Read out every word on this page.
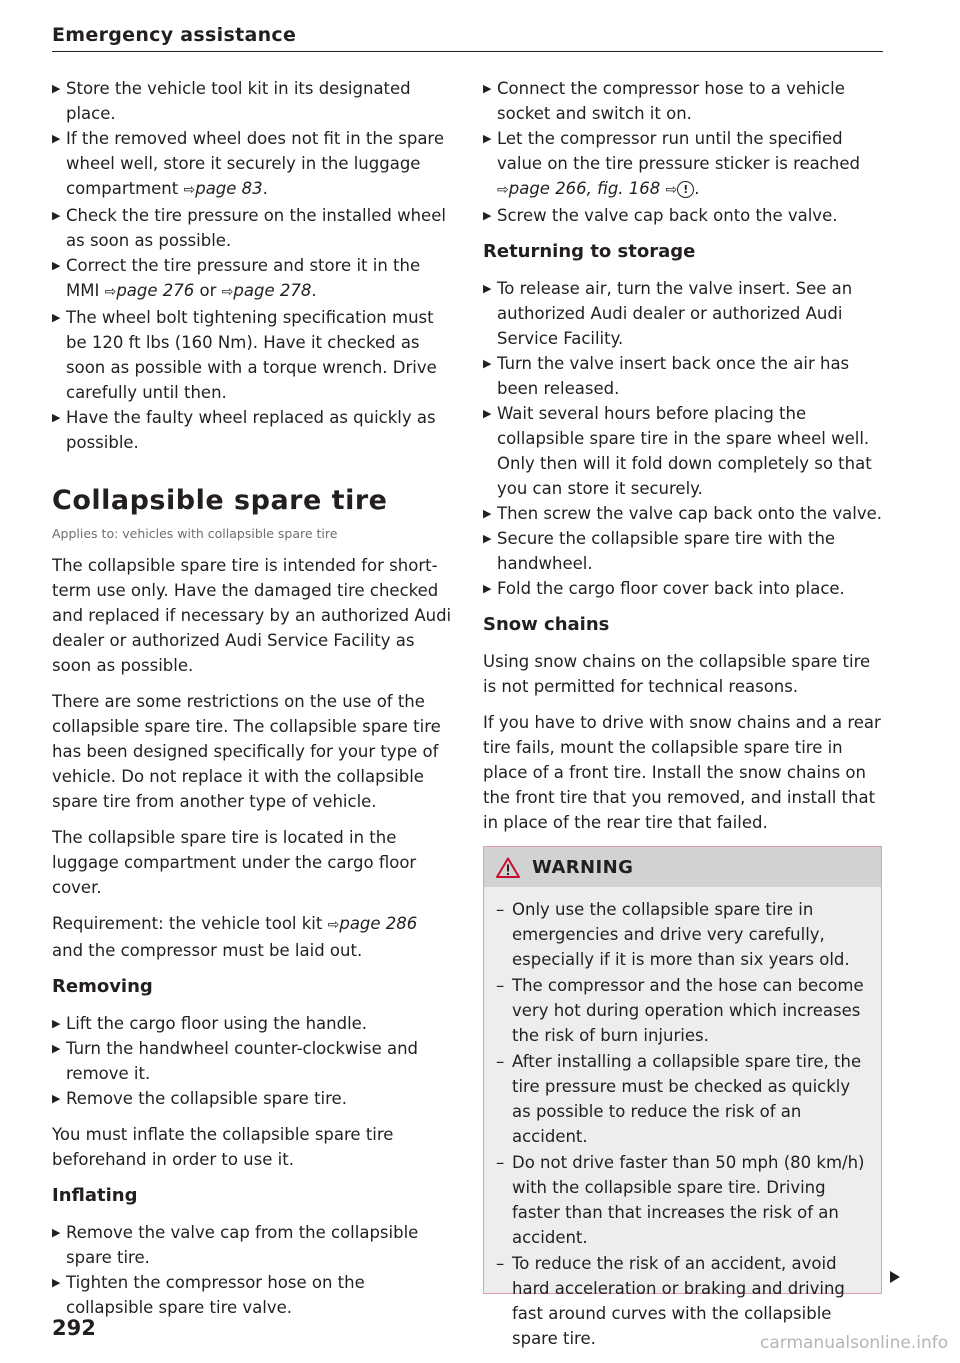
Emergency assistance

▶ Store the vehicle tool kit in its designated place.

▶ If the removed wheel does not fit in the spare wheel well, store it securely in the luggage compartment ⇨page 83.

▶ Check the tire pressure on the installed wheel as soon as possible.

▶ Correct the tire pressure and store it in the MMI ⇨page 276 or ⇨page 278.

▶ The wheel bolt tightening specification must be 120 ft lbs (160 Nm). Have it checked as soon as possible with a torque wrench. Drive carefully until then.

▶ Have the faulty wheel replaced as quickly as possible.

Collapsible spare tire
Applies to: vehicles with collapsible spare tire

The collapsible spare tire is intended for short-term use only. Have the damaged tire checked and replaced if necessary by an authorized Audi dealer or authorized Audi Service Facility as soon as possible.

There are some restrictions on the use of the collapsible spare tire. The collapsible spare tire has been designed specifically for your type of vehicle. Do not replace it with the collapsible spare tire from another type of vehicle.

The collapsible spare tire is located in the luggage compartment under the cargo floor cover.

Requirement: the vehicle tool kit ⇨page 286 and the compressor must be laid out.

Removing

▶ Lift the cargo floor using the handle.

▶ Turn the handwheel counter-clockwise and remove it.

▶ Remove the collapsible spare tire.

You must inflate the collapsible spare tire beforehand in order to use it.

Inflating

▶ Remove the valve cap from the collapsible spare tire.

▶ Tighten the compressor hose on the collapsible spare tire valve.

▶ Connect the compressor hose to a vehicle socket and switch it on.

▶ Let the compressor run until the specified value on the tire pressure sticker is reached ⇨page 266, fig. 168 ⇨ ! .

▶ Screw the valve cap back onto the valve.

Returning to storage

▶ To release air, turn the valve insert. See an authorized Audi dealer or authorized Audi Service Facility.

▶ Turn the valve insert back once the air has been released.

▶ Wait several hours before placing the collapsible spare tire in the spare wheel well. Only then will it fold down completely so that you can store it securely.

▶ Then screw the valve cap back onto the valve.

▶ Secure the collapsible spare tire with the handwheel.

▶ Fold the cargo floor cover back into place.

Snow chains

Using snow chains on the collapsible spare tire is not permitted for technical reasons.

If you have to drive with snow chains and a rear tire fails, mount the collapsible spare tire in place of a front tire. Install the snow chains on the front tire that you removed, and install that in place of the rear tire that failed.

WARNING

– Only use the collapsible spare tire in emergencies and drive very carefully, especially if it is more than six years old.

– The compressor and the hose can become very hot during operation which increases the risk of burn injuries.

– After installing a collapsible spare tire, the tire pressure must be checked as quickly as possible to reduce the risk of an accident.

– Do not drive faster than 50 mph (80 km/h) with the collapsible spare tire. Driving faster than that increases the risk of an accident.

– To reduce the risk of an accident, avoid hard acceleration or braking and driving fast around curves with the collapsible spare tire.

292
carmanualsonline.info
